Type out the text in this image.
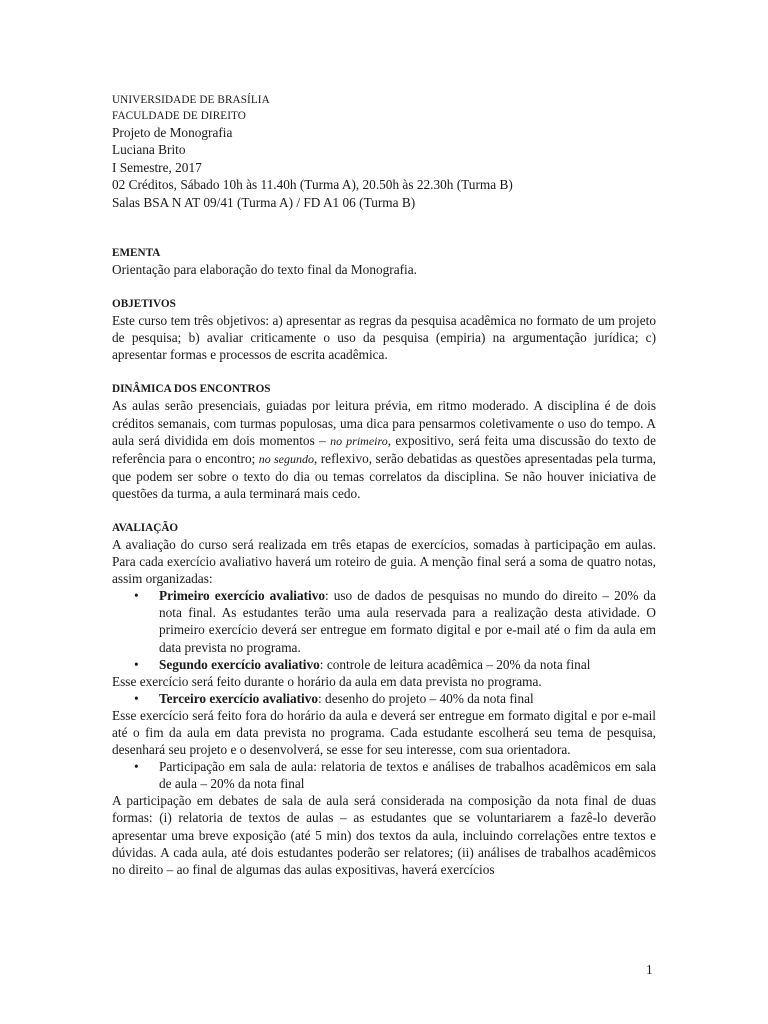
UNIVERSIDADE DE BRASÍLIA
FACULDADE DE DIREITO
Projeto de Monografia
Luciana Brito
I Semestre, 2017
02 Créditos, Sábado 10h às 11.40h (Turma A), 20.50h às 22.30h (Turma B)
Salas BSA N AT 09/41 (Turma A) / FD A1 06 (Turma B)
EMENTA
Orientação para elaboração do texto final da Monografia.
OBJETIVOS
Este curso tem três objetivos: a) apresentar as regras da pesquisa acadêmica no formato de um projeto de pesquisa; b) avaliar criticamente o uso da pesquisa (empiria) na argumentação jurídica; c) apresentar formas e processos de escrita acadêmica.
DINÂMICA DOS ENCONTROS
As aulas serão presenciais, guiadas por leitura prévia, em ritmo moderado. A disciplina é de dois créditos semanais, com turmas populosas, uma dica para pensarmos coletivamente o uso do tempo. A aula será dividida em dois momentos – no primeiro, expositivo, será feita uma discussão do texto de referência para o encontro; no segundo, reflexivo, serão debatidas as questões apresentadas pela turma, que podem ser sobre o texto do dia ou temas correlatos da disciplina. Se não houver iniciativa de questões da turma, a aula terminará mais cedo.
AVALIAÇÃO
A avaliação do curso será realizada em três etapas de exercícios, somadas à participação em aulas. Para cada exercício avaliativo haverá um roteiro de guia. A menção final será a soma de quatro notas, assim organizadas:
• Primeiro exercício avaliativo: uso de dados de pesquisas no mundo do direito – 20% da nota final. As estudantes terão uma aula reservada para a realização desta atividade. O primeiro exercício deverá ser entregue em formato digital e por e-mail até o fim da aula em data prevista no programa.
• Segundo exercício avaliativo: controle de leitura acadêmica – 20% da nota final
Esse exercício será feito durante o horário da aula em data prevista no programa.
• Terceiro exercício avaliativo: desenho do projeto – 40% da nota final
Esse exercício será feito fora do horário da aula e deverá ser entregue em formato digital e por e-mail até o fim da aula em data prevista no programa. Cada estudante escolherá seu tema de pesquisa, desenhará seu projeto e o desenvolverá, se esse for seu interesse, com sua orientadora.
• Participação em sala de aula: relatoria de textos e análises de trabalhos acadêmicos em sala de aula – 20% da nota final
A participação em debates de sala de aula será considerada na composição da nota final de duas formas: (i) relatoria de textos de aulas – as estudantes que se voluntariarem a fazê-lo deverão apresentar uma breve exposição (até 5 min) dos textos da aula, incluindo correlações entre textos e dúvidas. A cada aula, até dois estudantes poderão ser relatores; (ii) análises de trabalhos acadêmicos no direito – ao final de algumas das aulas expositivas, haverá exercícios
1
